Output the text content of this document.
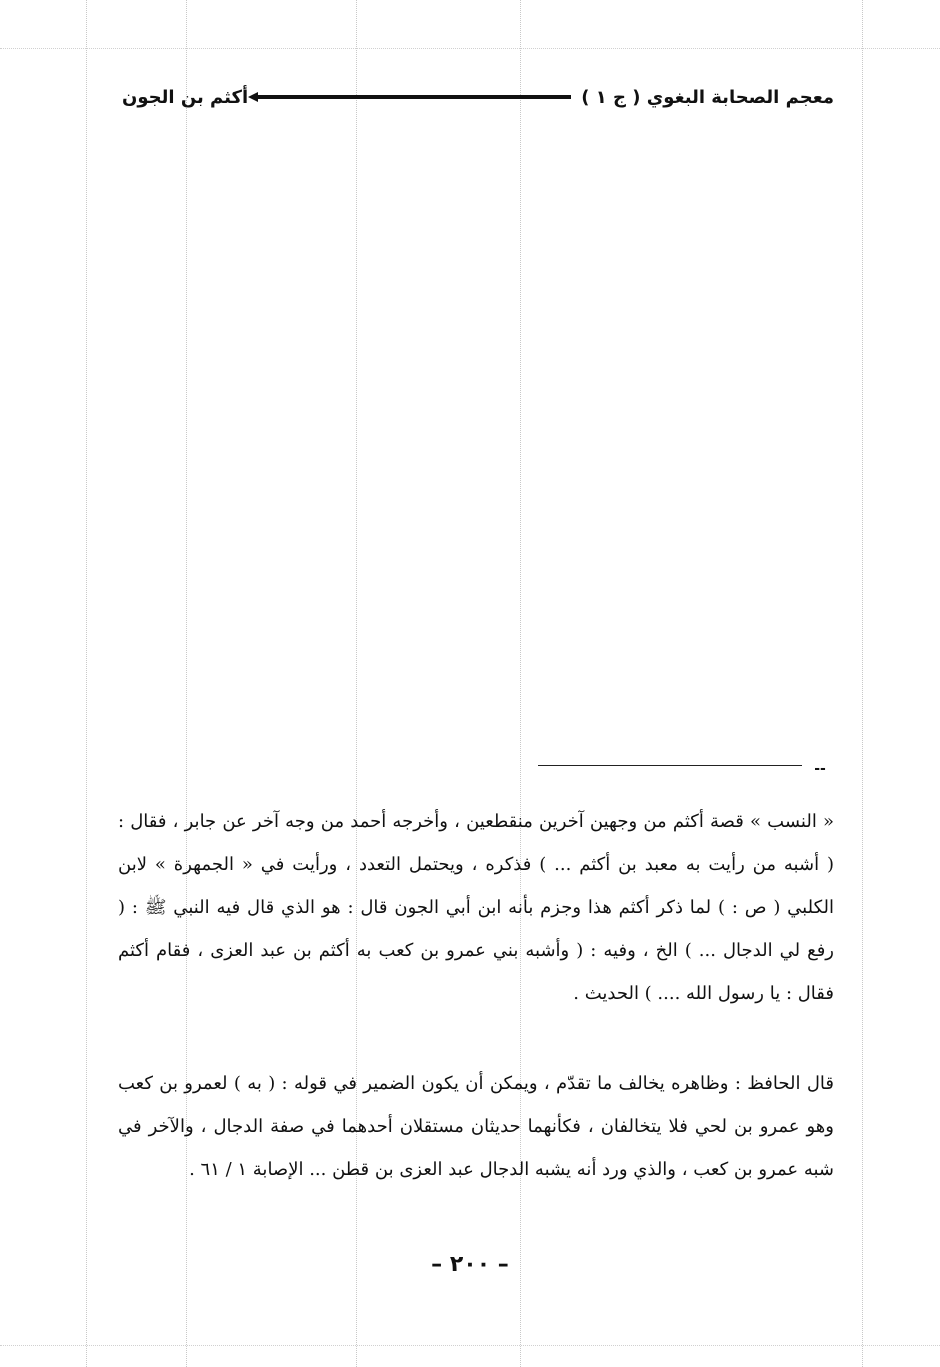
معجم الصحابة البغوي ( ج ١ )
أكثم بن الجون
--
« النسب » قصة أكثم من وجهين آخرين منقطعين ، وأخرجه أحمد من وجه آخر عن جابر ، فقال : ( أشبه من رأيت به معبد بن أكثم ... ) فذكره ، ويحتمل التعدد ، ورأيت في « الجمهرة » لابن الكلبي ( ص : ) لما ذكر أكثم هذا وجزم بأنه ابن أبي الجون قال : هو الذي قال فيه النبي ﷺ : ( رفع لي الدجال ... ) الخ ، وفيه : ( وأشبه بني عمرو بن كعب به أكثم بن عبد العزى ، فقام أكثم فقال : يا رسول الله .... ) الحديث .
قال الحافظ : وظاهره يخالف ما تقدّم ، ويمكن أن يكون الضمير في قوله : ( به ) لعمرو بن كعب وهو عمرو بن لحي فلا يتخالفان ، فكأنهما حديثان مستقلان أحدهما في صفة الدجال ، والآخر في شبه عمرو بن كعب ، والذي ورد أنه يشبه الدجال عبد العزى بن قطن ... الإصابة ١ / ٦١ .
– ٢٠٠ –
